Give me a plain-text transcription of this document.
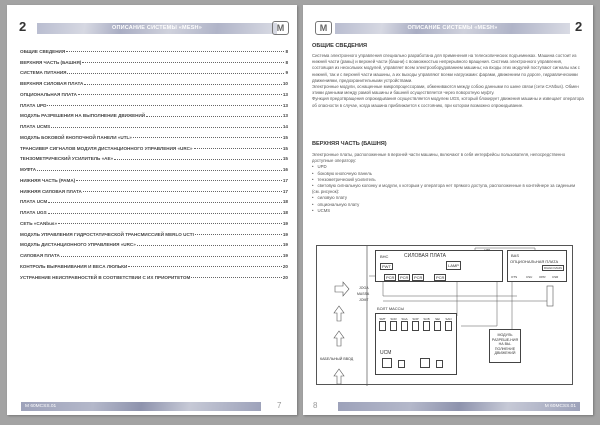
2	ОПИСАНИЕ СИСТЕМЫ «MESH»	M
ОБЩИЕ СВЕДЕНИЯ	8
ВЕРХНЯЯ ЧАСТЬ (БАШНЯ)	8
СИСТЕМА ПИТАНИЯ	9
ВЕРХНЯЯ СИЛОВАЯ ПЛАТА	10
ОПЦИОНАЛЬНАЯ ПЛАТА	13
ПЛАТА UPD	13
МОДУЛЬ РАЗРЕШЕНИЯ НА ВЫПОЛНЕНИЕ ДВИЖЕНИЙ	13
ПЛАТА UCMS	14
МОДУЛЬ БОКОВОЙ КНОПОЧНОЙ ПАНЕЛИ «UTL»	15
ТРАНСИВЕР СИГНАЛОВ МОДУЛЯ ДИСТАНЦИОННОГО УПРАВЛЕНИЯ «URC»	15
ТЕНЗОМЕТРИЧЕСКИЙ УСИЛИТЕЛЬ «AE»	15
МУФТА	16
НИЖНЯЯ ЧАСТЬ (РАМА)	17
НИЖНЯЯ СИЛОВАЯ ПЛАТА	17
ПЛАТА UCM	18
ПЛАТА UGS	18
СЕТЬ «CANbus»	19
МОДУЛЬ УПРАВЛЕНИЯ ГИДРОСТАТИЧЕСКОЙ ТРАНСМИССИЕЙ MERLO UCTI	19
МОДУЛЬ ДИСТАНЦИОННОГО УПРАВЛЕНИЯ «URC»	19
СИЛОВАЯ ПЛАТА	19
КОНТРОЛЬ ВЫРАВНИВАНИЯ И ВЕСА ЛЮЛЬКИ	20
УСТРАНЕНИЕ НЕИСПРАВНОСТЕЙ В СООТВЕТСТВИИ С ИХ ПРИОРИТЕТОМ	20
M 60MCSS.01	7
M	ОПИСАНИЕ СИСТЕМЫ «MESH»	2
ОБЩИЕ СВЕДЕНИЯ

Система электронного управления специально разработана для применения на телескопических подъемниках. Машина состоит из нижней части (рамы) и верхней части (башни) с возможностью непрерывного вращения. Система электронного управления, состоящая из нескольких модулей, управляет всем электрооборудованием машины; на входы этих модулей поступают сигналы как с нижней, так и с верхней части машины, а их выходы управляют всеми нагрузками: фарами, движением по дороге, гидравлическими движениями, предохранительными устройствами.

Электронные модули, оснащенные микропроцессорами, обмениваются между собою данными по шине связи (сети CANbus). Обмен этими данными между рамой машины и башней осуществляется через поворотную муфту.

Функция предотвращения опрокидывания осуществляется модулем UGS, который блокирует движения машины и извещает оператора об опасности в случае, когда машина приближается к состоянию, при котором возможно опрокидывание.

ВЕРХНЯЯ ЧАСТЬ (БАШНЯ)

Электронные платы, расположенные в верхней части машины, включают в себя интерфейсы пользователя, непосредственно доступные оператору:

• UPD
• боковую кнопочную панель
• тензометрический усилитель
• световую сигнальную колонку и модули, к которым у оператора нет прямого доступа, расположенные в контейнере за сиденьем (см. рисунок):
• силовую плату
• опциональную плату
• UCMS
СИЛОВАЯ ПЛАТА
BHC
PWT	LAMP
PCR	PCR	PCR	PCR
BAS
ОПЦИОНАЛЬНАЯ ПЛАТА
DIAGN MAIN
OTS	CSU OPR CSR
LMP
JOGA
MASSA
JOMT
БОЛТ МАССЫ
SMT SCR SGA SOP SCB SEI SAN
UCM
МОДУЛЬ РАЗРЕШЕ-НИЯ НА ВЫ-ПОЛНЕНИЕ ДВИЖЕНИЙ
КАБЕЛЬНЫЙ ВВОД
8	M 60MCSS.01
